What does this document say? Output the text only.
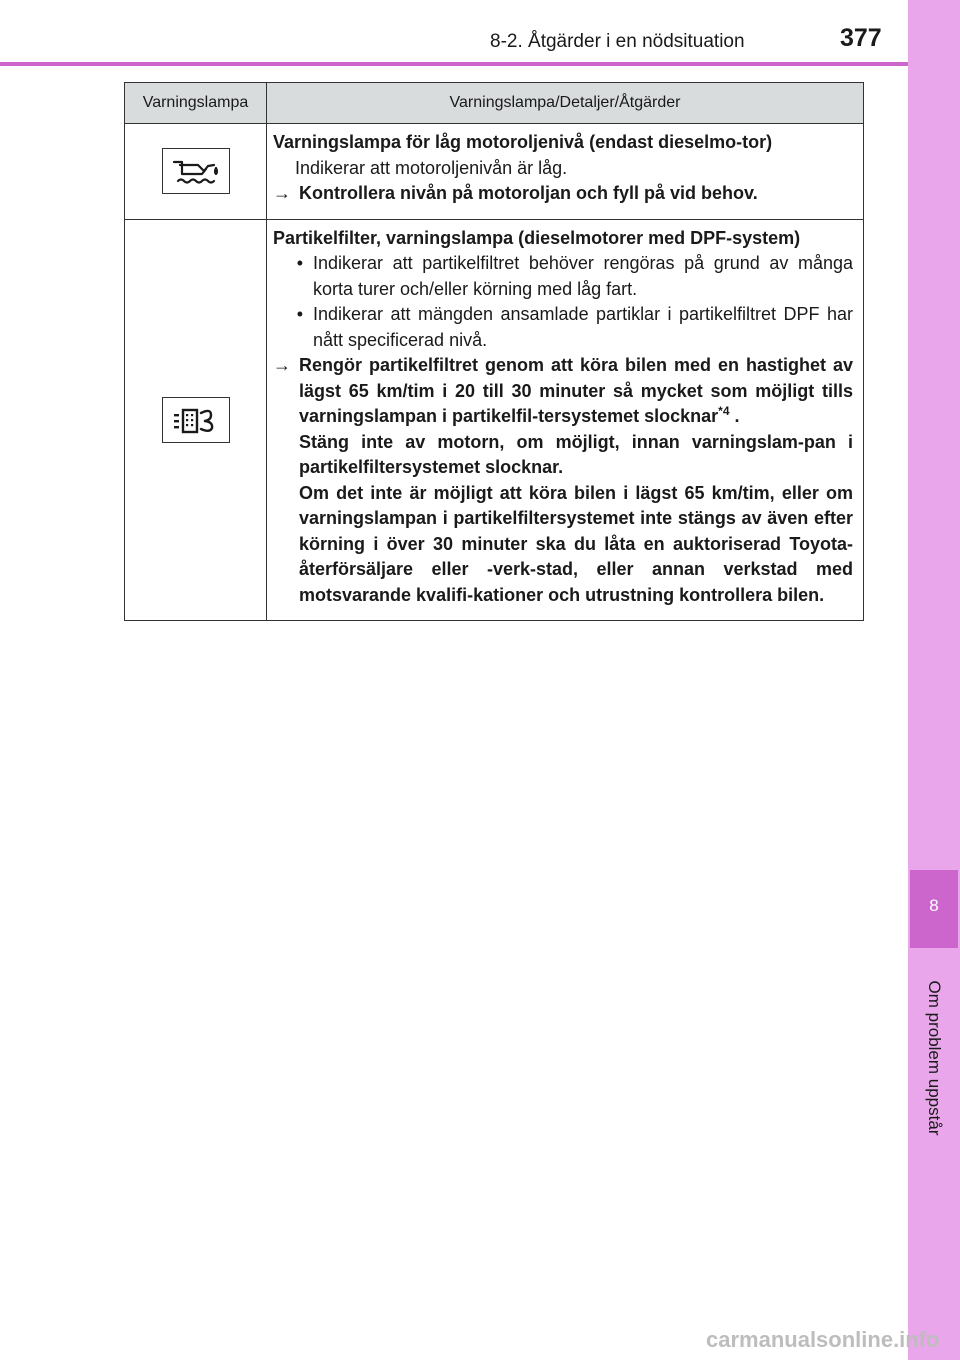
8
Om problem uppstår
8-2. Åtgärder i en nödsituation	377
Varningslampa	Varningslampa/Detaljer/Åtgärder
Varningslampa för låg motoroljenivå (endast dieselmo-tor)
Indikerar att motoroljenivån är låg.
→ Kontrollera nivån på motoroljan och fyll på vid behov.
Partikelfilter, varningslampa (dieselmotorer med DPF-system)
• Indikerar att partikelfiltret behöver rengöras på grund av många korta turer och/eller körning med låg fart.
• Indikerar att mängden ansamlade partiklar i partikelfiltret DPF har nått specificerad nivå.
→ Rengör partikelfiltret genom att köra bilen med en hastighet av lägst 65 km/tim i 20 till 30 minuter så mycket som möjligt tills varningslampan i partikelfil-tersystemet slocknar$^{*4}$ .
Stäng inte av motorn, om möjligt, innan varningslam-pan i partikelfiltersystemet slocknar.
Om det inte är möjligt att köra bilen i lägst 65 km/tim, eller om varningslampan i partikelfiltersystemet inte stängs av även efter körning i över 30 minuter ska du låta en auktoriserad Toyota-återförsäljare eller -verk-stad, eller annan verkstad med motsvarande kvalifi-kationer och utrustning kontrollera bilen.
carmanualsonline.info
